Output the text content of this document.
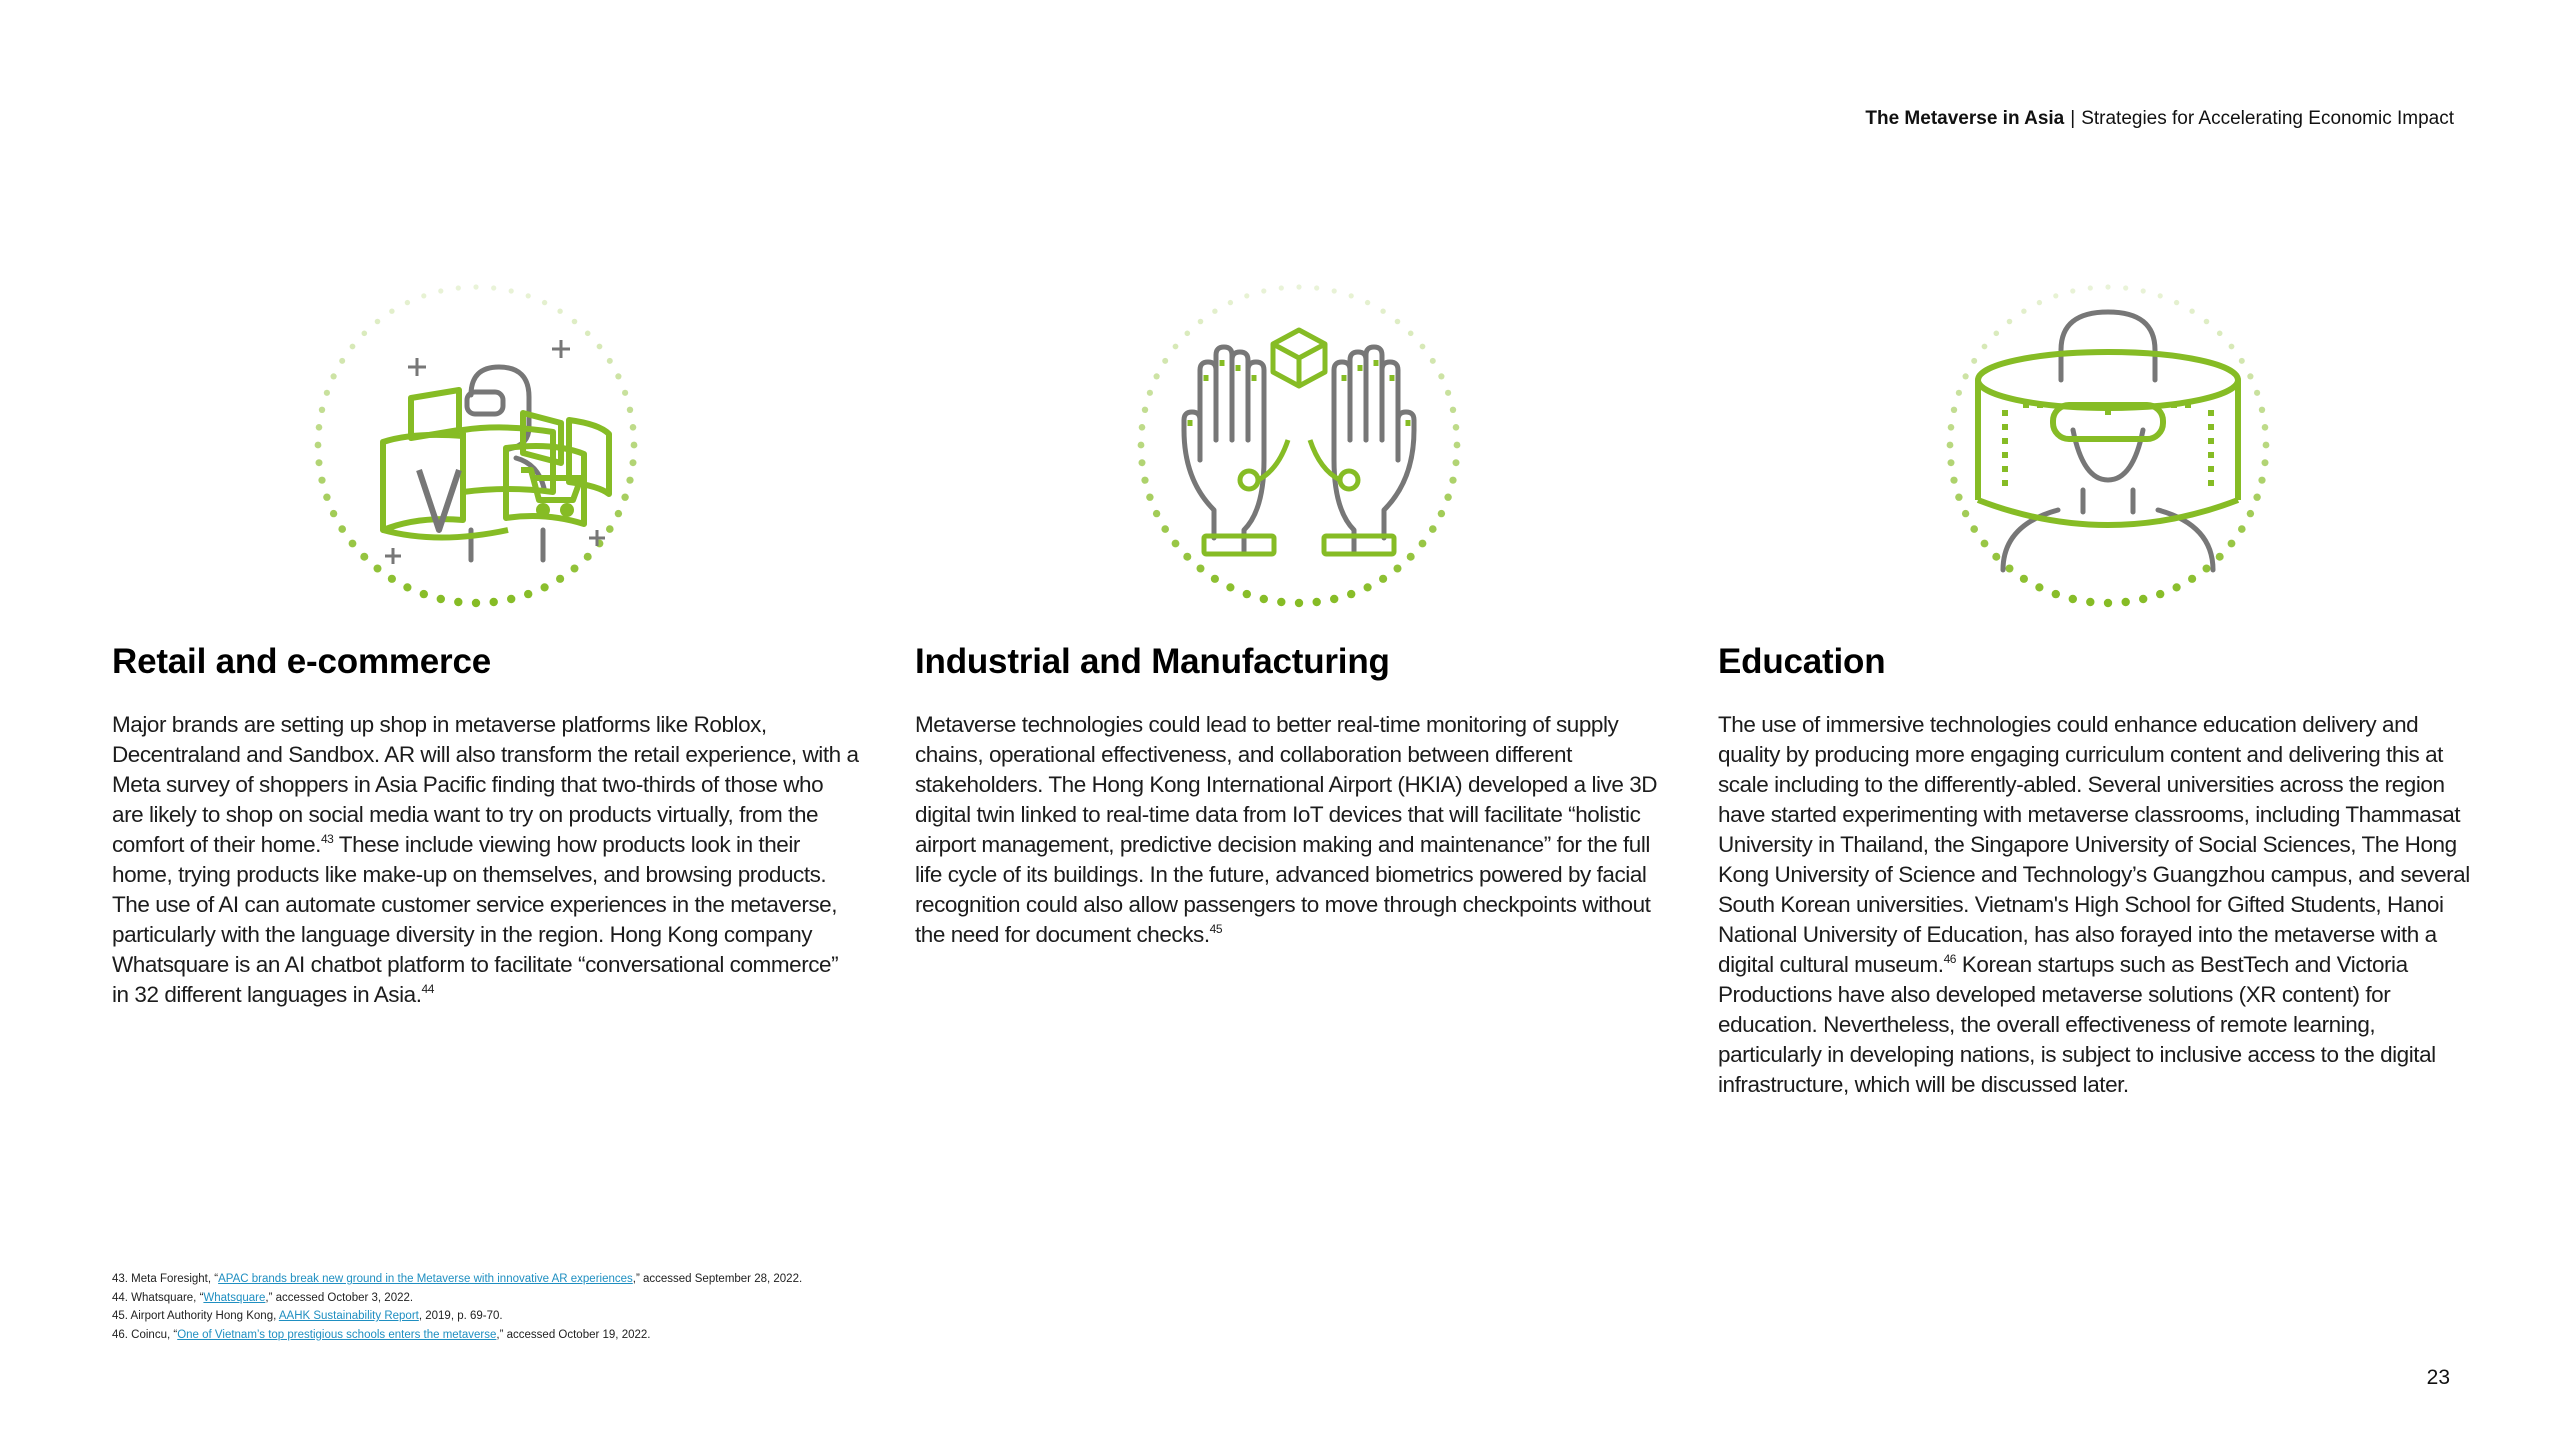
The Metaverse in Asia | Strategies for Accelerating Economic Impact
Retail and e-commerce

Major brands are setting up shop in metaverse platforms like Roblox, Decentraland and Sandbox. AR will also transform the retail experience, with a Meta survey of shoppers in Asia Pacific finding that two-thirds of those who are likely to shop on social media want to try on products virtually, from the comfort of their home.$^{43}$ These include viewing how products look in their home, trying products like make-up on themselves, and browsing products. The use of AI can automate customer service experiences in the metaverse, particularly with the language diversity in the region. Hong Kong company Whatsquare is an AI chatbot platform to facilitate “conversational commerce” in 32 different languages in Asia.$^{44}$

Industrial and Manufacturing

Metaverse technologies could lead to better real-time monitoring of supply chains, operational effectiveness, and collaboration between different stakeholders. The Hong Kong International Airport (HKIA) developed a live 3D digital twin linked to real-time data from IoT devices that will facilitate “holistic airport management, predictive decision making and maintenance” for the full life cycle of its buildings. In the future, advanced biometrics powered by facial recognition could also allow passengers to move through checkpoints without the need for document checks.$^{45}$

Education

The use of immersive technologies could enhance education delivery and quality by producing more engaging curriculum content and delivering this at scale including to the differently-abled. Several universities across the region have started experimenting with metaverse classrooms, including Thammasat University in Thailand, the Singapore University of Social Sciences, The Hong Kong University of Science and Technology’s Guangzhou campus, and several South Korean universities. Vietnam's High School for Gifted Students, Hanoi National University of Education, has also forayed into the metaverse with a digital cultural museum.$^{46}$ Korean startups such as BestTech and Victoria Productions have also developed metaverse solutions (XR content) for education. Nevertheless, the overall effectiveness of remote learning, particularly in developing nations, is subject to inclusive access to the digital infrastructure, which will be discussed later.

43. Meta Foresight, “APAC brands break new ground in the Metaverse with innovative AR experiences,” accessed September 28, 2022.
44. Whatsquare, “Whatsquare,” accessed October 3, 2022.
45. Airport Authority Hong Kong, AAHK Sustainability Report, 2019, p. 69-70.
46. Coincu, “One of Vietnam’s top prestigious schools enters the metaverse,” accessed October 19, 2022.
23
